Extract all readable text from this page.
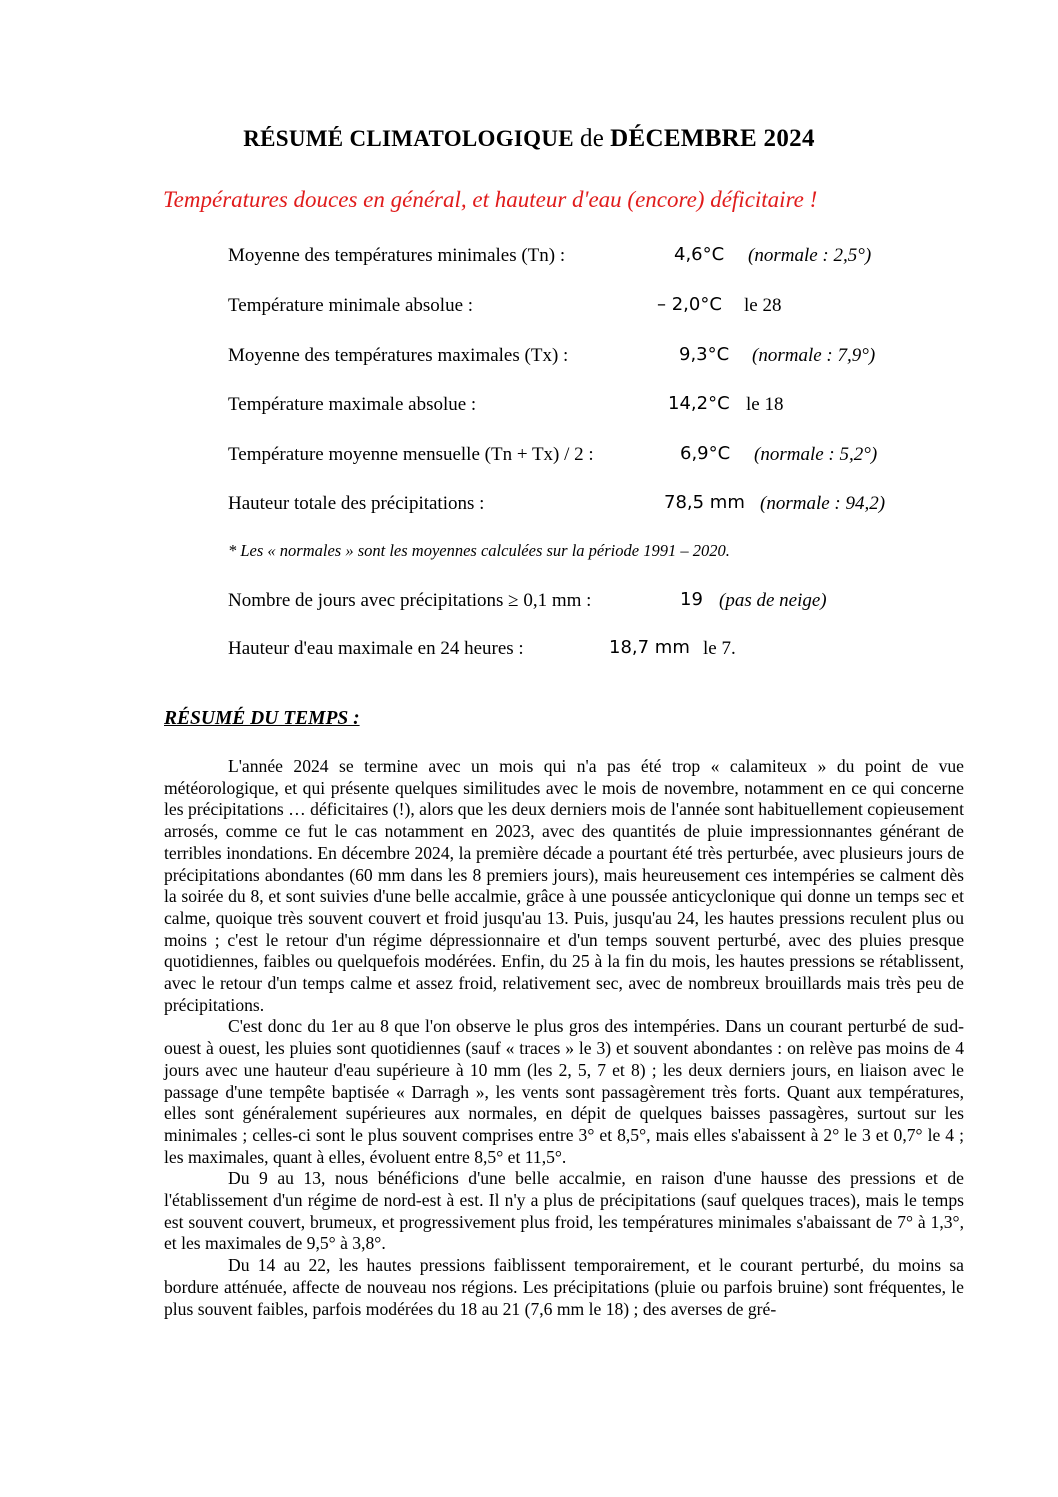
RÉSUMÉ CLIMATOLOGIQUE de DÉCEMBRE 2024
Températures douces en général, et hauteur d'eau (encore) déficitaire !
Moyenne des températures minimales (Tn) :	4,6°C (normale : 2,5°)
Température minimale absolue :	– 2,0°C le 28
Moyenne des températures maximales (Tx) :	9,3°C (normale : 7,9°)
Température maximale absolue :	14,2°C le 18
Température moyenne mensuelle (Tn + Tx) / 2 :	6,9°C (normale : 5,2°)
Hauteur totale des précipitations :	78,5 mm (normale : 94,2)
* Les « normales » sont les moyennes calculées sur la période 1991 – 2020.
Nombre de jours avec précipitations ≥ 0,1 mm :	19 (pas de neige)
Hauteur d'eau maximale en 24 heures :	18,7 mm le 7.
RÉSUMÉ DU TEMPS :

L'année 2024 se termine avec un mois qui n'a pas été trop « calamiteux » du point de vue météorologique, et qui présente quelques similitudes avec le mois de novembre, notamment en ce qui concerne les précipitations … déficitaires (!), alors que les deux derniers mois de l'année sont habituellement copieusement arrosés, comme ce fut le cas notamment en 2023, avec des quantités de pluie impressionnantes générant de terribles inondations. En décembre 2024, la première décade a pourtant été très perturbée, avec plusieurs jours de précipitations abondantes (60 mm dans les 8 premiers jours), mais heureusement ces intempéries se calment dès la soirée du 8, et sont suivies d'une belle accalmie, grâce à une poussée anticyclonique qui donne un temps sec et calme, quoique très souvent couvert et froid jusqu'au 13. Puis, jusqu'au 24, les hautes pressions reculent plus ou moins ; c'est le retour d'un régime dépressionnaire et d'un temps souvent perturbé, avec des pluies presque quotidiennes, faibles ou quelquefois modérées. Enfin, du 25 à la fin du mois, les hautes pressions se rétablissent, avec le retour d'un temps calme et assez froid, relativement sec, avec de nombreux brouillards mais très peu de précipitations.

C'est donc du 1er au 8 que l'on observe le plus gros des intempéries. Dans un courant perturbé de sud-ouest à ouest, les pluies sont quotidiennes (sauf « traces » le 3) et souvent abondantes : on relève pas moins de 4 jours avec une hauteur d'eau supérieure à 10 mm (les 2, 5, 7 et 8) ; les deux derniers jours, en liaison avec le passage d'une tempête baptisée « Darragh », les vents sont passagèrement très forts. Quant aux températures, elles sont généralement supérieures aux normales, en dépit de quelques baisses passagères, surtout sur les minimales ; celles-ci sont le plus souvent comprises entre 3° et 8,5°, mais elles s'abaissent à 2° le 3 et 0,7° le 4 ; les maximales, quant à elles, évoluent entre 8,5° et 11,5°.

Du 9 au 13, nous bénéficions d'une belle accalmie, en raison d'une hausse des pressions et de l'établissement d'un régime de nord-est à est. Il n'y a plus de précipitations (sauf quelques traces), mais le temps est souvent couvert, brumeux, et progressivement plus froid, les températures minimales s'abaissant de 7° à 1,3°, et les maximales de 9,5° à 3,8°.

Du 14 au 22, les hautes pressions faiblissent temporairement, et le courant perturbé, du moins sa bordure atténuée, affecte de nouveau nos régions. Les précipitations (pluie ou parfois bruine) sont fréquentes, le plus souvent faibles, parfois modérées du 18 au 21 (7,6 mm le 18) ; des averses de gré-
